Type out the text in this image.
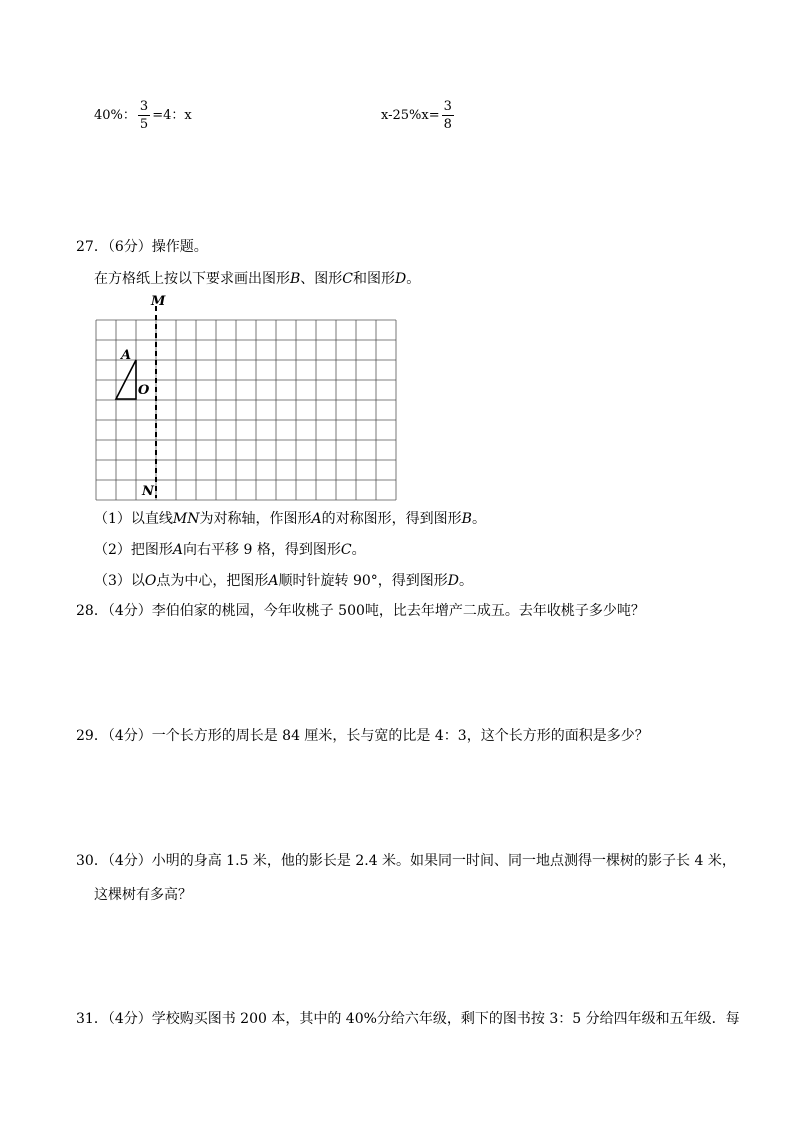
40%： $\frac{3}{5} =4$：x	$x-25\%x= \frac{3}{8}$
27．（6分）操作题。
在方格纸上按以下要求画出图形B、图形C和图形D。
M
N
A
O
（1）以直线MN为对称轴，作图形A的对称图形，得到图形B。
（2）把图形A向右平移 9 格，得到图形C。
（3）以O点为中心，把图形A顺时针旋转 90°，得到图形D。
28．（4分）李伯伯家的桃园，今年收桃子 500吨，比去年增产二成五。去年收桃子多少吨？
29．（4分）一个长方形的周长是 84 厘米，长与宽的比是 4：3，这个长方形的面积是多少？
30．（4分）小明的身高 1.5 米，他的影长是 2.4 米。如果同一时间、同一地点测得一棵树的影子长 4 米，
这棵树有多高？
31．（4分）学校购买图书 200 本，其中的 40%分给六年级，剩下的图书按 3：5 分给四年级和五年级．每
